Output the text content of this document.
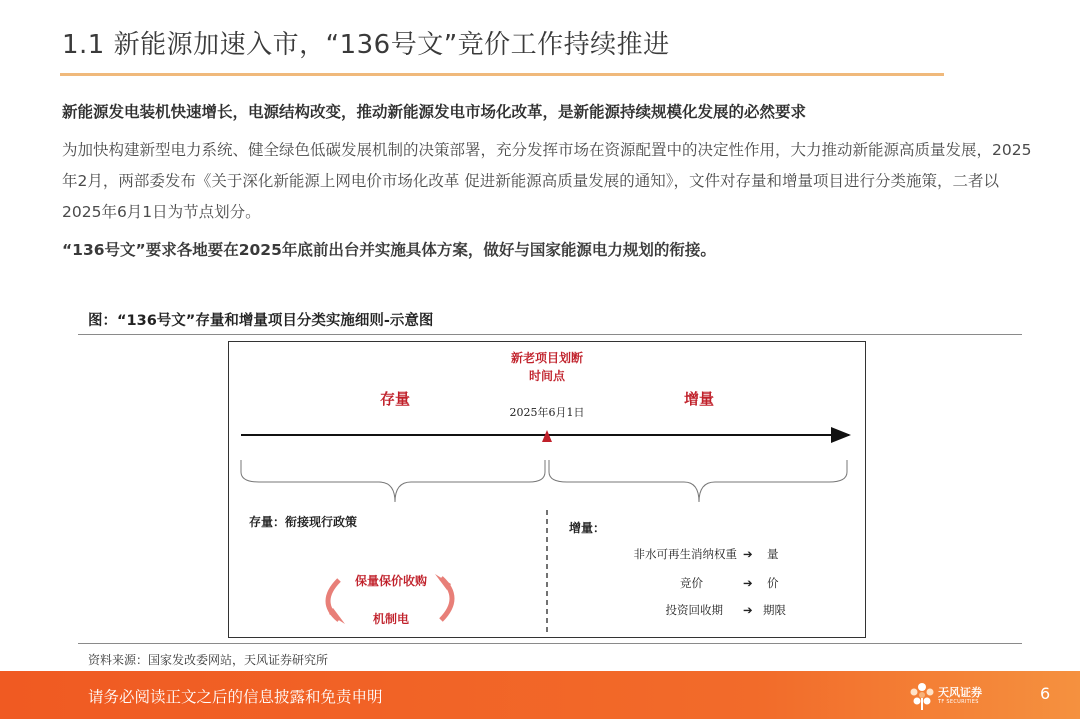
1.1 新能源加速入市，“136号文”竞价工作持续推进
新能源发电装机快速增长，电源结构改变，推动新能源发电市场化改革，是新能源持续规模化发展的必然要求
为加快构建新型电力系统、健全绿色低碳发展机制的决策部署，充分发挥市场在资源配置中的决定性作用，大力推动新能源高质量发展，2025年2月，两部委发布《关于深化新能源上网电价市场化改革 促进新能源高质量发展的通知》，文件对存量和增量项目进行分类施策，二者以2025年6月1日为节点划分。
“136号文”要求各地要在2025年底前出台并实施具体方案，做好与国家能源电力规划的衔接。
图：“136号文”存量和增量项目分类实施细则-示意图
新老项目划断
时间点
存量	增量
2025年6月1日
存量：衔接现行政策
保量保价收购
机制电
增量：
非水可再生消纳权重 ➔ 量
竞价	➔ 价
投资回收期 ➔ 期限
资料来源：国家发改委网站，天风证券研究所
请务必阅读正文之后的信息披露和免责申明	天风证券
TF SECURITIES	6
